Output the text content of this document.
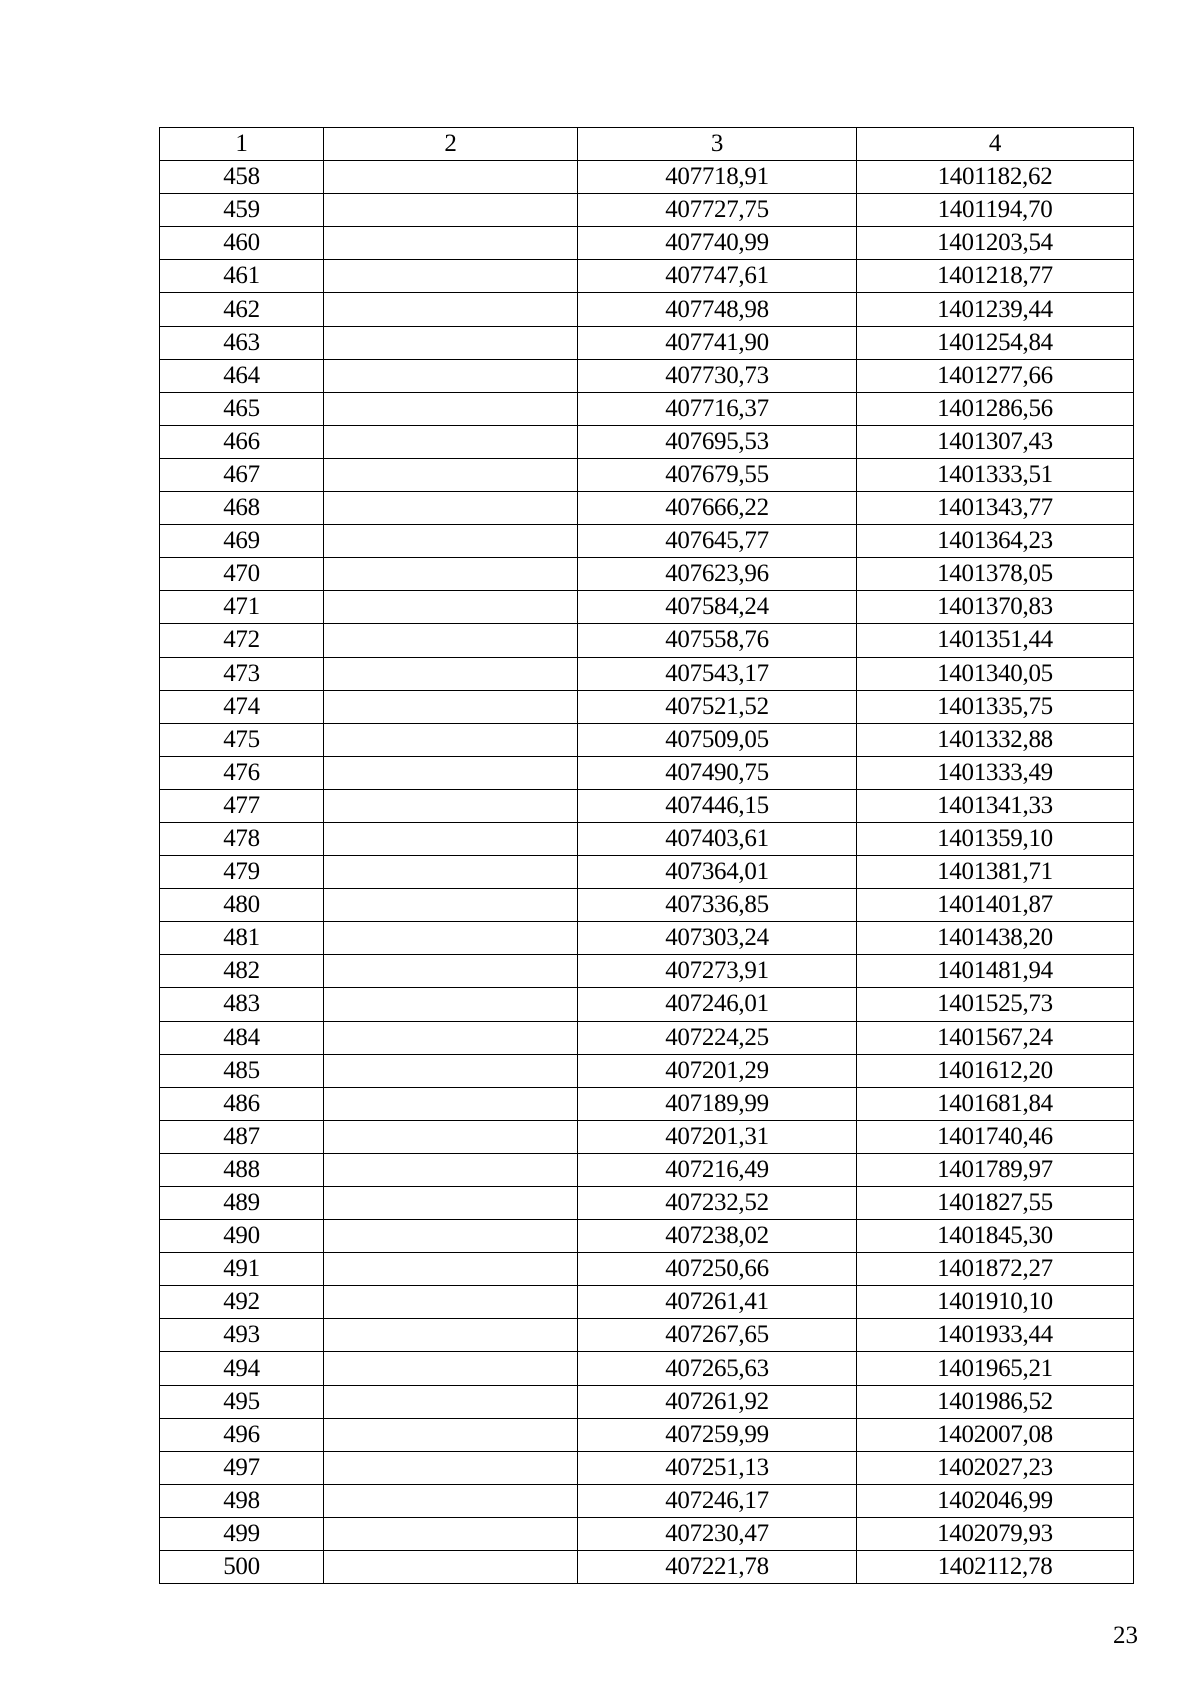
1	2	3	4
458		407718,91	1401182,62
459		407727,75	1401194,70
460		407740,99	1401203,54
461		407747,61	1401218,77
462		407748,98	1401239,44
463		407741,90	1401254,84
464		407730,73	1401277,66
465		407716,37	1401286,56
466		407695,53	1401307,43
467		407679,55	1401333,51
468		407666,22	1401343,77
469		407645,77	1401364,23
470		407623,96	1401378,05
471		407584,24	1401370,83
472		407558,76	1401351,44
473		407543,17	1401340,05
474		407521,52	1401335,75
475		407509,05	1401332,88
476		407490,75	1401333,49
477		407446,15	1401341,33
478		407403,61	1401359,10
479		407364,01	1401381,71
480		407336,85	1401401,87
481		407303,24	1401438,20
482		407273,91	1401481,94
483		407246,01	1401525,73
484		407224,25	1401567,24
485		407201,29	1401612,20
486		407189,99	1401681,84
487		407201,31	1401740,46
488		407216,49	1401789,97
489		407232,52	1401827,55
490		407238,02	1401845,30
491		407250,66	1401872,27
492		407261,41	1401910,10
493		407267,65	1401933,44
494		407265,63	1401965,21
495		407261,92	1401986,52
496		407259,99	1402007,08
497		407251,13	1402027,23
498		407246,17	1402046,99
499		407230,47	1402079,93
500		407221,78	1402112,78
23
